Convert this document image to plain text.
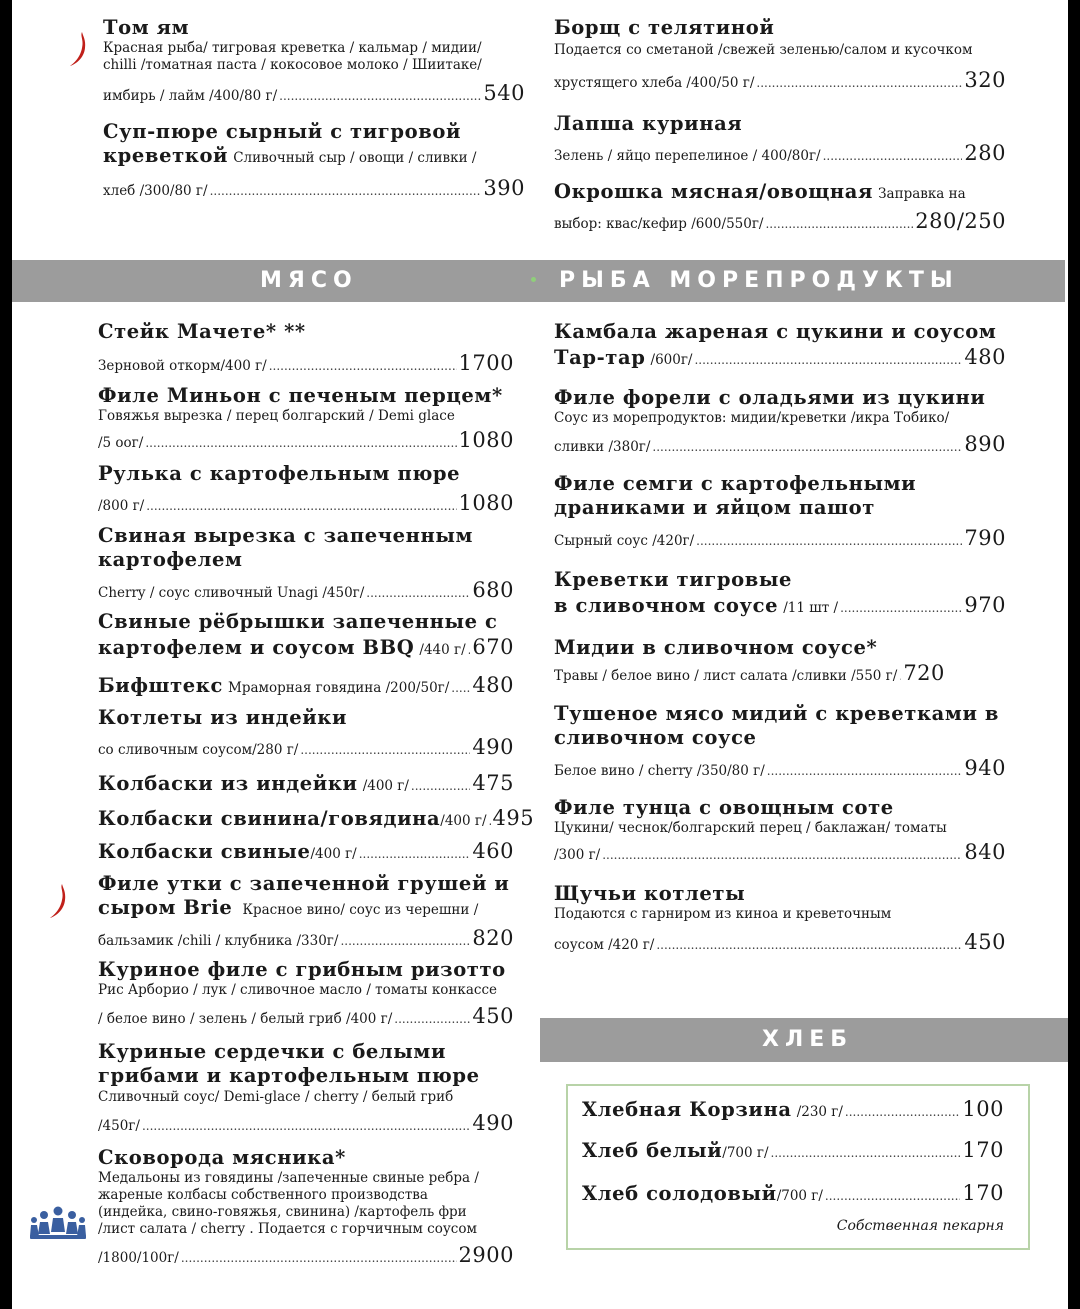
Том ям
Красная рыба/ тигровая креветка / кальмар / мидии/
chilli /томатная паста / кокосовое молоко / Шиитаке/
имбирь / лайм /400/80 г/ .....	540
Суп-пюре сырный с тигровой
креветкой Сливочный сыр / овощи / сливки /
хлеб /300/80 г/ .....	390
Борщ с телятиной
Подается со сметаной /свежей зеленью/салом и кусочком
хрустящего хлеба /400/50 г/ .....	320
Лапша куриная
Зелень / яйцо перепелиное / 400/80г/ .....	280
Окрошка мясная/овощная Заправка на
выбор: квас/кефир /600/550г/ .....	280/250
МЯСО	РЫБА МОРЕПРОДУКТЫ
Стейк Мачете* **
Зерновой откорм/400 г/ .....	1700
Филе Миньон с печеным перцем*
Говяжья вырезка / перец болгарский / Demi glace
/5 оог/ .....	1080
Рулька с картофельным пюре
/800 г/ .....	1080
Свиная вырезка с запеченным
картофелем
Cherry / соус сливочный Unagi /450г/ .....	680
Свиные рёбрышки запеченные с
картофелем и соусом BBQ
/440 г/ ..... 670
Бифштекс
Мраморная говядина /200/50г/ ..... 480
Котлеты из индейки
со сливочным соусом/280 г/ .....	490
Колбаски из индейки
/400 г/ .....	475
Колбаски свинина/говядина /400 г/ ..... 495
Колбаски свиные /400 г/ .....	460
Филе утки с запеченной грушей и
сыром Brie Красное вино/ соус из черешни /
бальзамик /chili / клубника /330г/ .....	820
Куриное филе с грибным ризотто
Рис Арборио / лук / сливочное масло / томаты конкассе
/ белое вино / зелень / белый гриб /400 г/ .....	450
Куриные сердечки с белыми
грибами и картофельным пюре
Сливочный соус/ Demi-glace / cherry / белый гриб
/450г/ .....	490
Сковорода мясника*
Медальоны из говядины /запеченные свиные ребра /
жареные колбасы собственного производства
(индейка, свино-говяжья, свинина) /картофель фри
/лист салата / cherry . Подается с горчичным соусом
/1800/100г/ .....	2900
Камбала жареная с цукини и соусом
Тар-тар
/600г/ .....	480
Филе форели с оладьями из цукини
Соус из морепродуктов: мидии/креветки /икра Тобико/
сливки /380г/ .....	890
Филе семги с картофельными
драниками и яйцом пашот
Сырный соус /420г/ .....	790
Креветки тигровые
в сливочном соусе
/11 шт / .....	970
Мидии в сливочном соусе*
Травы / белое вино / лист салата /сливки /550 г/ ..... 720
Тушеное мясо мидий с креветками в
сливочном соусе
Белое вино / cherry /350/80 г/ .....	940
Филе тунца с овощным соте
Цукини/ чеснок/болгарский перец / баклажан/ томаты
/300 г/ .....	840
Щучьи котлеты
Подаются с гарниром из киноа и креветочным
соусом /420 г/ .....	450
ХЛЕБ
Хлебная Корзина
/230 г/ .....	100
Хлеб белый /700 г/ .....	170
Хлеб солодовый /700 г/ .....	170
Собственная пекарня
